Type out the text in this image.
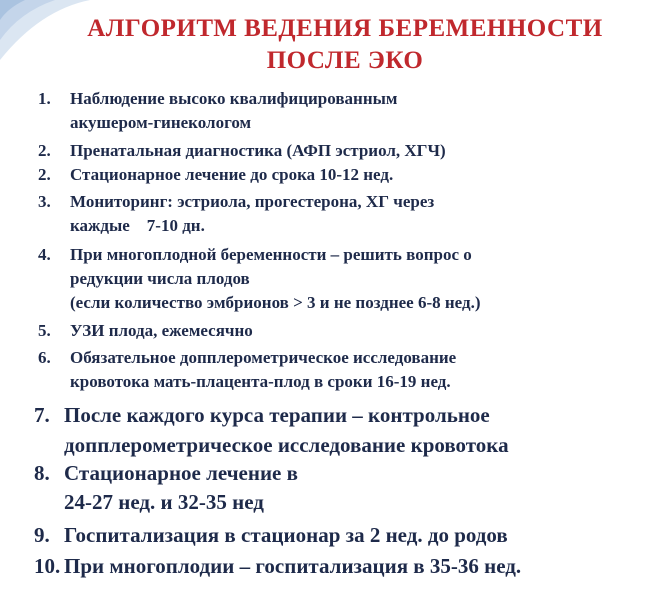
АЛГОРИТМ ВЕДЕНИЯ БЕРЕМЕННОСТИ
ПОСЛЕ ЭКО
1. Наблюдение высоко квалифицированным
акушером-гинекологом
2. Пренатальная диагностика (АФП эстриол, ХГЧ)
2. Стационарное лечение до срока 10-12 нед.
3. Мониторинг: эстриола, прогестерона, ХГ через
каждые    7-10 дн.
4. При многоплодной беременности – решить вопрос о
редукции числа плодов
(если количество эмбрионов > 3 и не позднее 6-8 нед.)
5. УЗИ плода, ежемесячно
6. Обязательное допплерометрическое исследование
кровотока мать-плацента-плод в сроки 16-19 нед.
7. После каждого курса терапии – контрольное
допплерометрическое исследование кровотока
8. Стационарное лечение в
24-27 нед. и 32-35 нед
9. Госпитализация в стационар за 2 нед. до родов
10. При многоплодии – госпитализация в 35-36 нед.
